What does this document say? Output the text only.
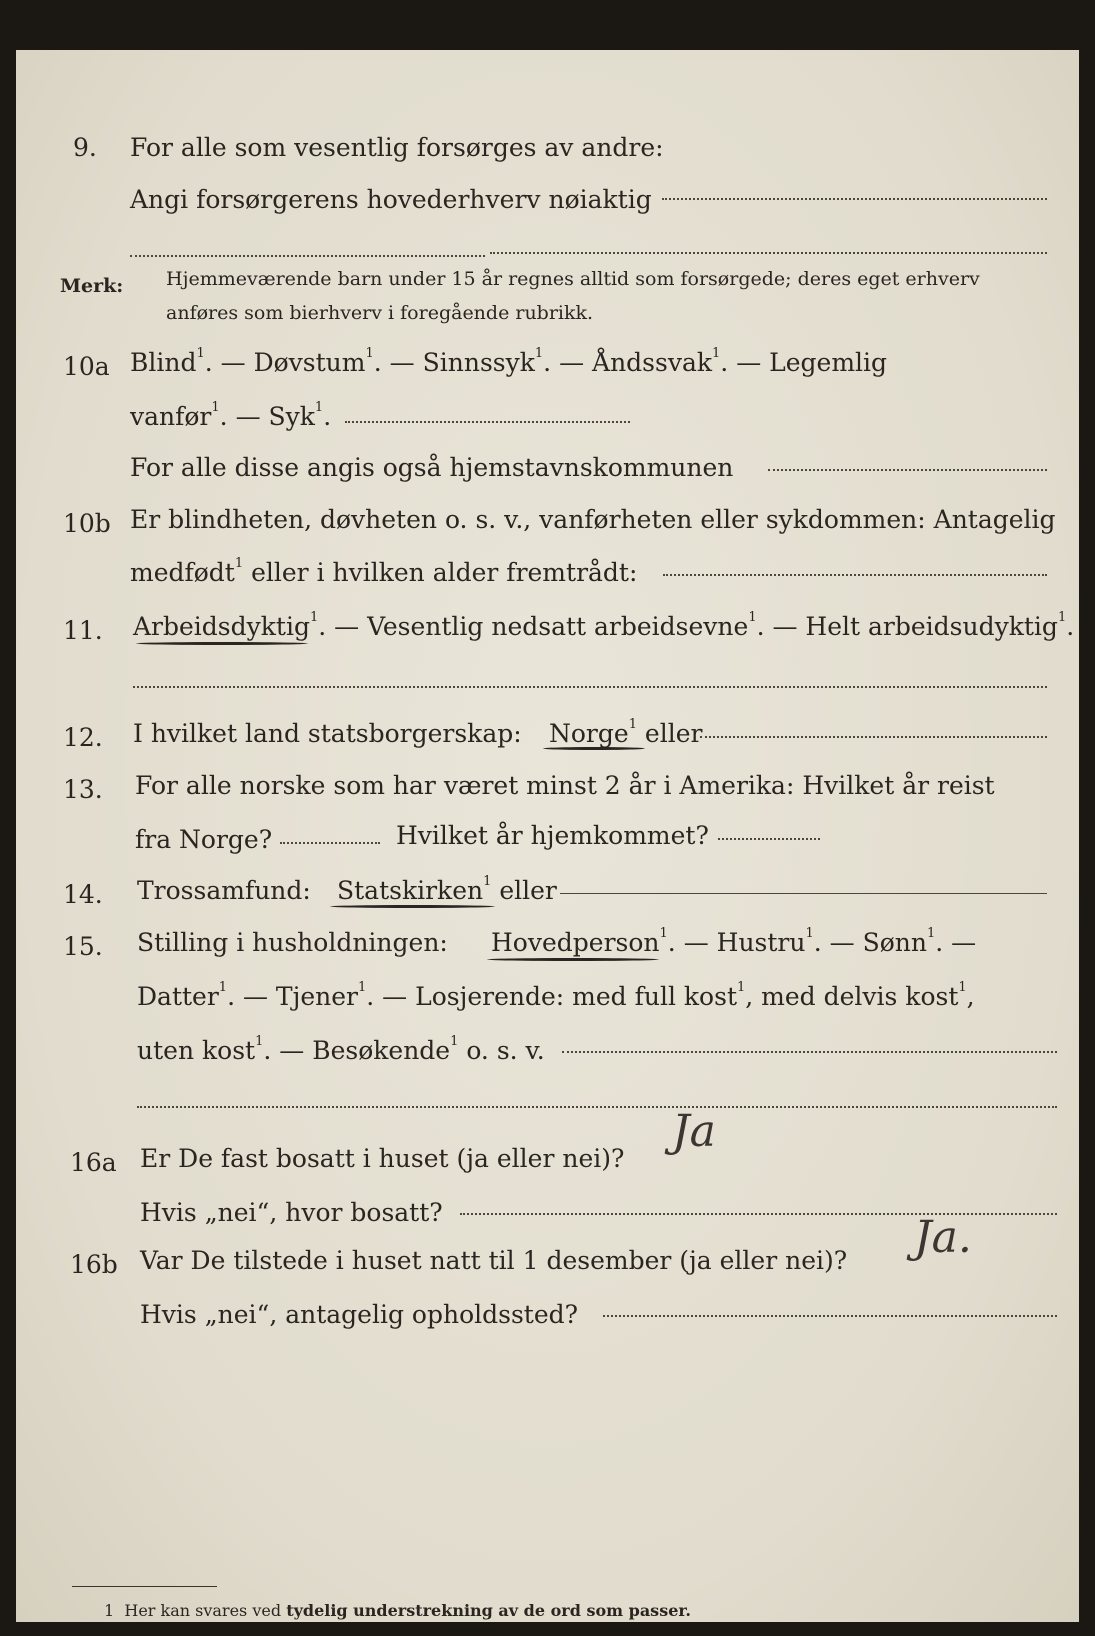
9. For alle som vesentlig forsørges av andre:
Angi forsørgerens hovederhverv nøiaktig
Merk: Hjemmeværende barn under 15 år regnes alltid som forsørgede; deres eget erhverv
anføres som bierhverv i foregående rubrikk.
10a Blind$^1$. — Døvstum$^1$. — Sinnssyk$^1$. — Åndssvak$^1$. — Legemlig
vanfør$^1$. — Syk$^1$.
For alle disse angis også hjemstavnskommunen
10b Er blindheten, døvheten o. s. v., vanførheten eller sykdommen: Antagelig
medfødt$^1$ eller i hvilken alder fremtrådt:
11. Arbeidsdyktig$^1$. — Vesentlig nedsatt arbeidsevne$^1$. — Helt arbeidsudyktig$^1$.
12. I hvilket land statsborgerskap: Norge$^1$ eller
13. For alle norske som har været minst 2 år i Amerika: Hvilket år reist
fra Norge?	Hvilket år hjemkommet?
14. Trossamfund: Statskirken$^1$ eller
15. Stilling i husholdningen: Hovedperson$^1$. — Hustru$^1$. — Sønn$^1$. —
Datter$^1$. — Tjener$^1$. — Losjerende: med full kost$^1$, med delvis kost$^1$,
uten kost$^1$. — Besøkende$^1$ o. s. v.
16a Er De fast bosatt i huset (ja eller nei)?
Ja
Hvis „nei“, hvor bosatt?
16b Var De tilstede i huset natt til 1 desember (ja eller nei)? Ja.
Hvis „nei“, antagelig opholdssted?
1 Her kan svares ved tydelig understrekning av de ord som passer.
